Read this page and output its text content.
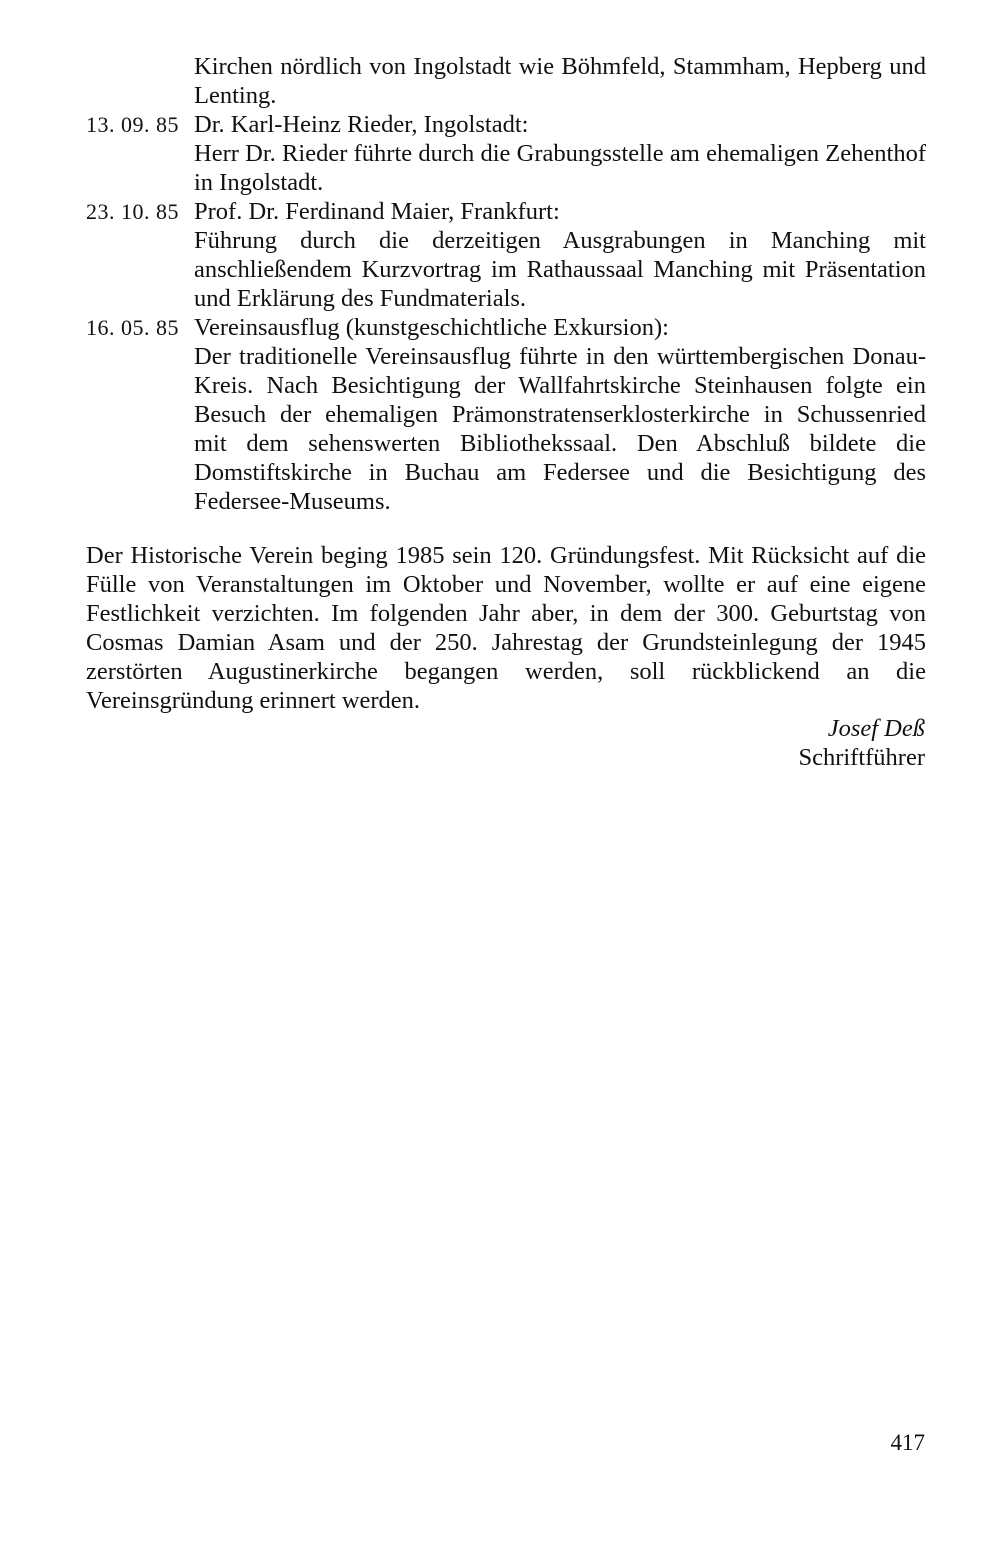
Kirchen nördlich von Ingolstadt wie Böhmfeld, Stammham, Hepberg und Lenting.

13. 09. 85 Dr. Karl-Heinz Rieder, Ingolstadt:

Herr Dr. Rieder führte durch die Grabungsstelle am ehemaligen Zehenthof in Ingolstadt.

23. 10. 85 Prof. Dr. Ferdinand Maier, Frankfurt:

Führung durch die derzeitigen Ausgrabungen in Manching mit anschließendem Kurzvortrag im Rathaussaal Manching mit Präsentation und Erklärung des Fundmaterials.

16. 05. 85 Vereinsausflug (kunstgeschichtliche Exkursion):

Der traditionelle Vereinsausflug führte in den württembergischen Donau-Kreis. Nach Besichtigung der Wallfahrtskirche Steinhausen folgte ein Besuch der ehemaligen Prämonstratenserklosterkirche in Schussenried mit dem sehenswerten Bibliothekssaal. Den Abschluß bildete die Domstiftskirche in Buchau am Federsee und die Besichtigung des Federsee-Museums.

Der Historische Verein beging 1985 sein 120. Gründungsfest. Mit Rücksicht auf die Fülle von Veranstaltungen im Oktober und November, wollte er auf eine eigene Festlichkeit verzichten. Im folgenden Jahr aber, in dem der 300. Geburtstag von Cosmas Damian Asam und der 250. Jahrestag der Grundsteinlegung der 1945 zerstörten Augustinerkirche begangen werden, soll rückblickend an die Vereinsgründung erinnert werden.

Josef Deß
Schriftführer
417
